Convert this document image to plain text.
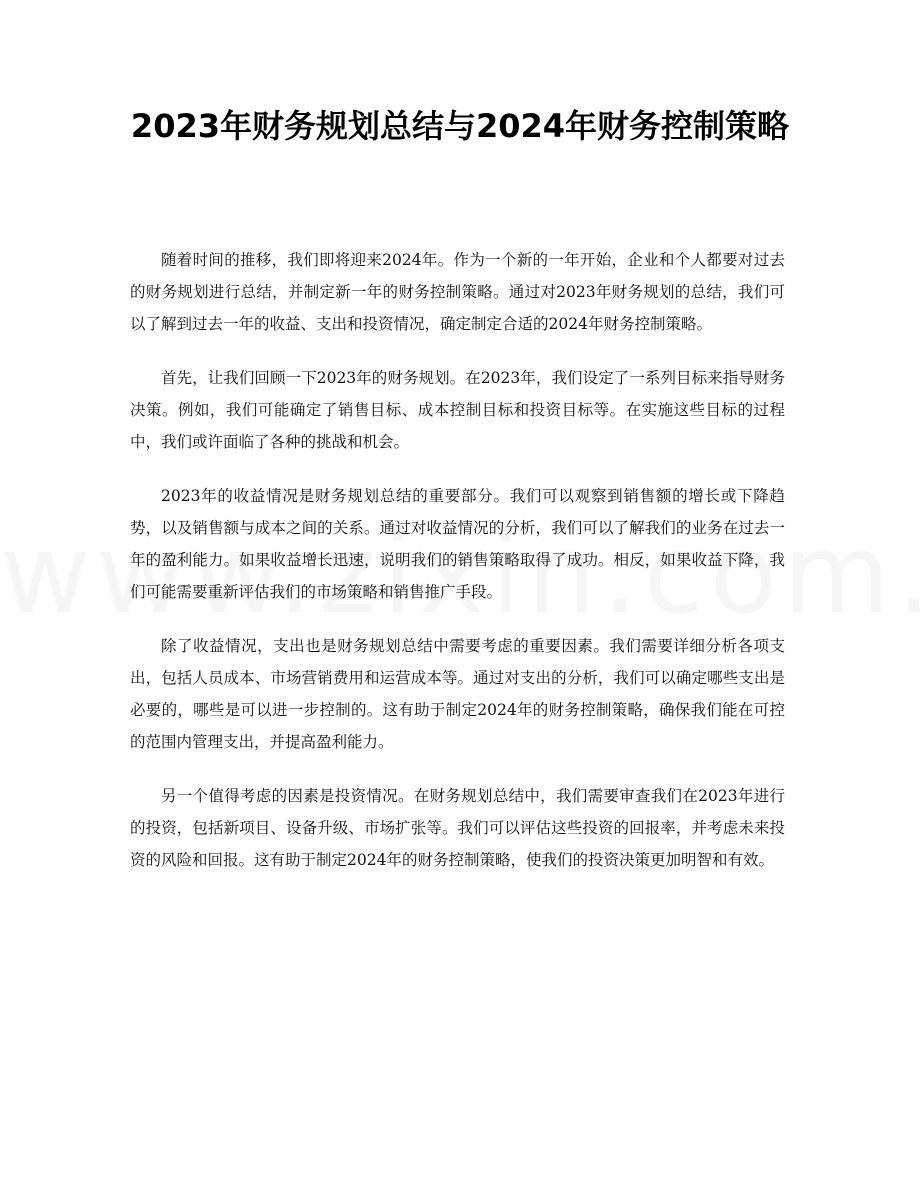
2023年财务规划总结与2024年财务控制策略

随着时间的推移，我们即将迎来2024年。作为一个新的一年开始，企业和个人都要对过去的财务规划进行总结，并制定新一年的财务控制策略。通过对2023年财务规划的总结，我们可以了解到过去一年的收益、支出和投资情况，确定制定合适的2024年财务控制策略。

首先，让我们回顾一下2023年的财务规划。在2023年，我们设定了一系列目标来指导财务决策。例如，我们可能确定了销售目标、成本控制目标和投资目标等。在实施这些目标的过程中，我们或许面临了各种的挑战和机会。

2023年的收益情况是财务规划总结的重要部分。我们可以观察到销售额的增长或下降趋势，以及销售额与成本之间的关系。通过对收益情况的分析，我们可以了解我们的业务在过去一年的盈利能力。如果收益增长迅速，说明我们的销售策略取得了成功。相反，如果收益下降，我们可能需要重新评估我们的市场策略和销售推广手段。

除了收益情况，支出也是财务规划总结中需要考虑的重要因素。我们需要详细分析各项支出，包括人员成本、市场营销费用和运营成本等。通过对支出的分析，我们可以确定哪些支出是必要的，哪些是可以进一步控制的。这有助于制定2024年的财务控制策略，确保我们能在可控的范围内管理支出，并提高盈利能力。

另一个值得考虑的因素是投资情况。在财务规划总结中，我们需要审查我们在2023年进行的投资，包括新项目、设备升级、市场扩张等。我们可以评估这些投资的回报率，并考虑未来投资的风险和回报。这有助于制定2024年的财务控制策略，使我们的投资决策更加明智和有效。
